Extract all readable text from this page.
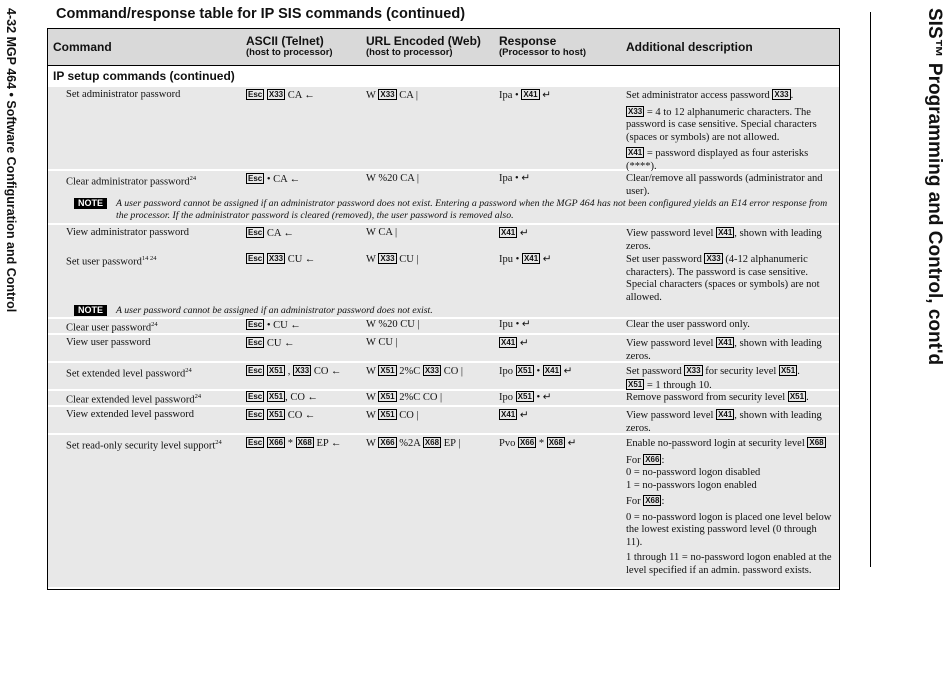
4-32 MGP 464 • Software Configuration and Control	SIS™ Programming and Control, cont'd
Command/response table for IP SIS commands (continued)
Command	ASCII (Telnet)
(host to processor)
URL Encoded (Web)
(host to processor)
Response
(Processor to host)	Additional description
IP setup commands (continued)
Set administrator password	Esc X33 CA ←	W X33 CA |	Ipa • X41 ↵	Set administrator access password X33 .

X33 = 4 to 12 alphanumeric characters. The password is case sensitive. Special characters (spaces or symbols) are not allowed.

X41 = password displayed as four asterisks (****).

Clear administrator password$^{24}$	Esc • CA ←	W %20 CA |	Ipa • ↵	Clear/remove all passwords (administrator and user).
NOTE	A user password cannot be assigned if an administrator password does not exist. Entering a password when the MGP 464 has not been configured yields an E14 error response from the processor. If the administrator password is cleared (removed), the user password is removed also.
View administrator password	Esc CA ←	W CA |	X41 ↵	View password level X41 , shown with leading zeros.
Set user password$^{14 24}$	Esc X33 CU ←	W X33 CU |	Ipu • X41 ↵	Set user password X33 (4-12 alphanumeric characters). The password is case sensitive. Special characters (spaces or symbols) are not allowed.
NOTE	A user password cannot be assigned if an administrator password does not exist.
Clear user password$^{24}$	Esc • CU ←	W %20 CU |	Ipu • ↵	Clear the user password only.
View user password	Esc CU ←	W CU |	X41 ↵	View password level X41 , shown with leading zeros.
Set extended level password$^{24}$	Esc X51 , X33 CO ←	W X51 2%C X33 CO |	Ipo X51 • X41 ↵	Set password X33 for security level X51 .
X51 = 1 through 10.
Clear extended level password$^{24}$	Esc X51 , CO ←	W X51 2%C CO |	Ipo X51 • ↵	Remove password from security level X51 .
View extended level password	Esc X51 CO ←	W X51 CO |	X41 ↵	View password level X41 , shown with leading zeros.
Set read-only security level support$^{24}$	Esc X66 * X68 EP ←	W X66 %2A X68 EP |	Pvo X66 * X68 ↵	Enable no-password login at security level X68

For X66 :
0 = no-password logon disabled
1 = no-passwors logon enabled

For X68 :

0 = no-password logon is placed one level below the lowest existing password level (0 through 11).

1 through 11 = no-password logon enabled at the level specified if an admin. password exists.
